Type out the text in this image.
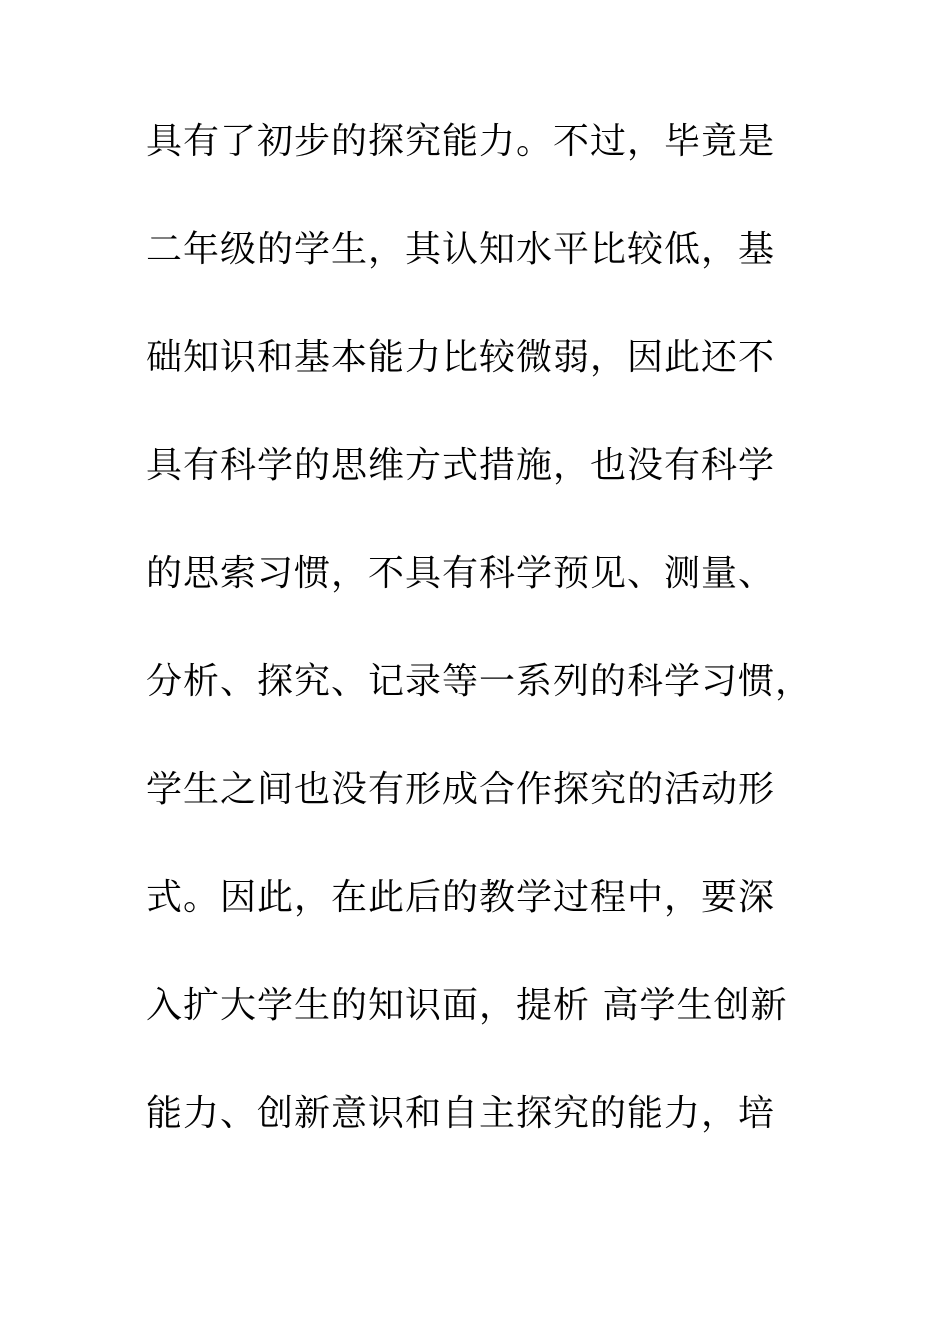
具有了初步的探究能力。不过，毕竟是
二年级的学生，其认知水平比较低，基
础知识和基本能力比较微弱，因此还不
具有科学的思维方式措施，也没有科学
的思索习惯，不具有科学预见、测量、
分析、探究、记录等一系列的科学习惯，
学生之间也没有形成合作探究的活动形
式。因此，在此后的教学过程中，要深
入扩大学生的知识面，提析 高学生创新
能力、创新意识和自主探究的能力，培
